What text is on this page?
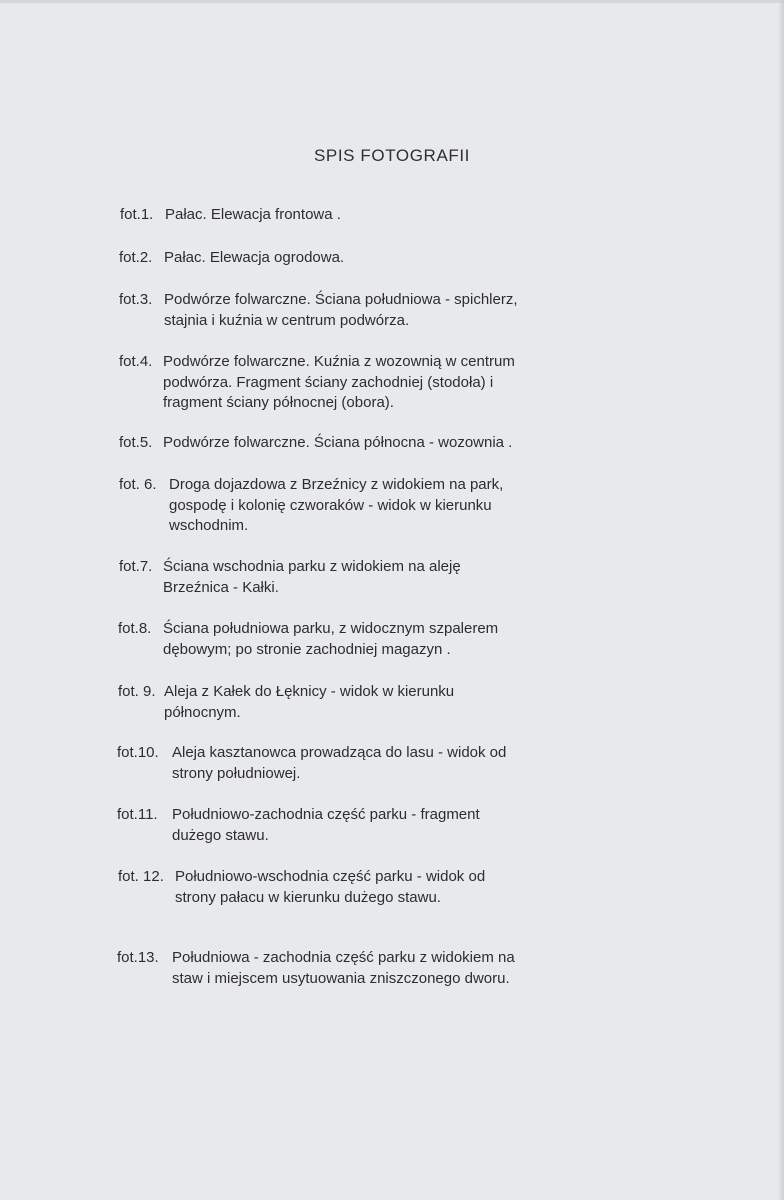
SPIS FOTOGRAFII
fot.1. Pałac. Elewacja frontowa .
fot.2. Pałac. Elewacja ogrodowa.
fot.3. Podwórze folwarczne. Ściana południowa - spichlerz,
stajnia i kuźnia w centrum podwórza.
fot.4. Podwórze folwarczne. Kuźnia z wozownią w centrum
podwórza. Fragment ściany zachodniej (stodoła) i
fragment ściany północnej (obora).
fot.5. Podwórze folwarczne. Ściana północna - wozownia .
fot. 6. Droga dojazdowa z Brzeźnicy z widokiem na park,
gospodę i kolonię czworaków - widok w kierunku
wschodnim.
fot.7. Ściana wschodnia parku z widokiem na aleję
Brzeźnica - Kałki.
fot.8. Ściana południowa parku, z widocznym szpalerem
dębowym; po stronie zachodniej magazyn .
fot. 9. Aleja z Kałek do Łęknicy - widok w kierunku
północnym.
fot.10. Aleja kasztanowca prowadząca do lasu - widok od
strony południowej.
fot.11. Południowo-zachodnia część parku - fragment
dużego stawu.
fot. 12. Południowo-wschodnia część parku - widok od
strony pałacu w kierunku dużego stawu.
fot.13. Południowa - zachodnia część parku z widokiem na
staw i miejscem usytuowania zniszczonego dworu.
